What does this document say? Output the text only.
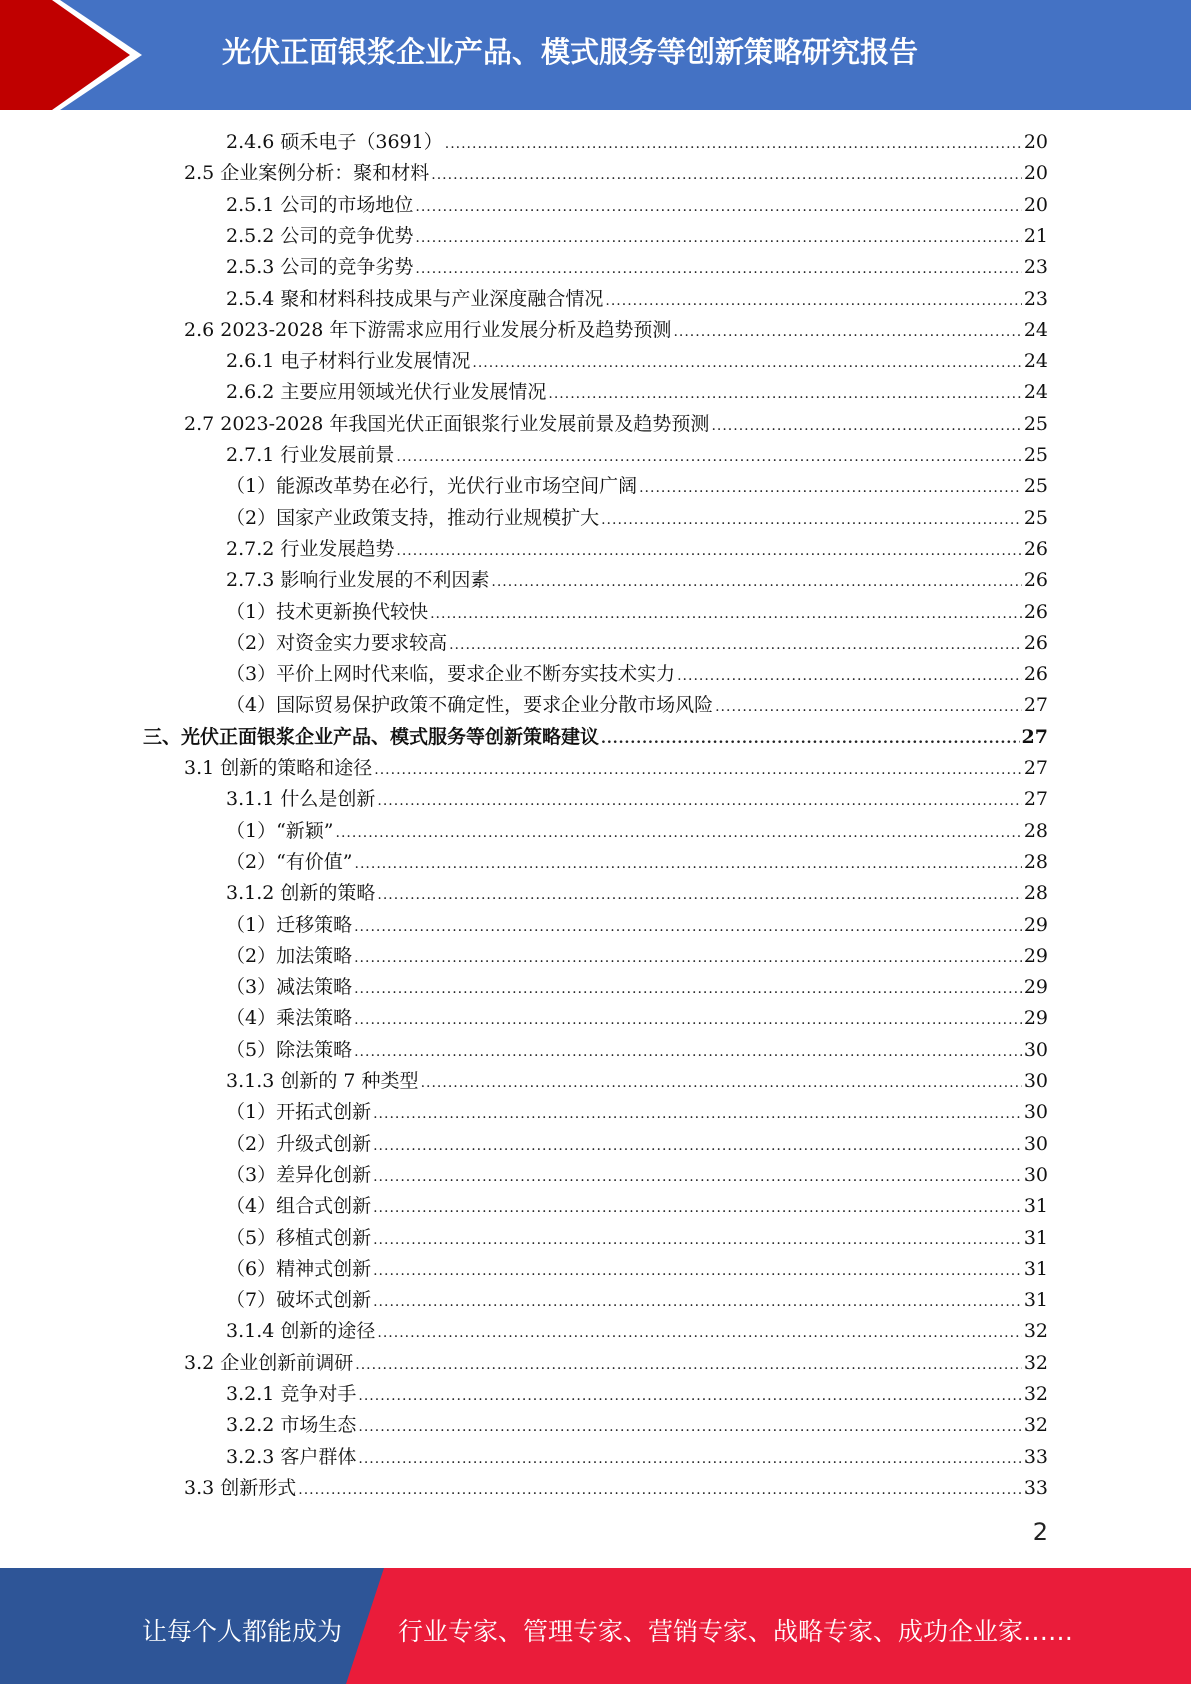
光伏正面银浆企业产品、模式服务等创新策略研究报告
2.4.6 硕禾电子（3691） .....	20
2.5 企业案例分析：聚和材料 .....	20
2.5.1 公司的市场地位 .....	20
2.5.2 公司的竞争优势 .....	21
2.5.3 公司的竞争劣势 .....	23
2.5.4 聚和材料科技成果与产业深度融合情况 .....	23
2.6 2023-2028 年下游需求应用行业发展分析及趋势预测 .....	24
2.6.1 电子材料行业发展情况 .....	24
2.6.2 主要应用领域光伏行业发展情况 .....	24
2.7 2023-2028 年我国光伏正面银浆行业发展前景及趋势预测 .....	25
2.7.1 行业发展前景 .....	25
（1）能源改革势在必行，光伏行业市场空间广阔 .....	25
（2）国家产业政策支持，推动行业规模扩大 .....	25
2.7.2 行业发展趋势 .....	26
2.7.3 影响行业发展的不利因素 .....	26
（1）技术更新换代较快 .....	26
（2）对资金实力要求较高 .....	26
（3）平价上网时代来临，要求企业不断夯实技术实力 .....	26
（4）国际贸易保护政策不确定性，要求企业分散市场风险 .....	27
三、光伏正面银浆企业产品、模式服务等创新策略建议 .....	27
3.1 创新的策略和途径 .....	27
3.1.1 什么是创新 .....	27
（1）“新颖” .....	28
（2）“有价值” .....	28
3.1.2 创新的策略 .....	28
（1）迁移策略 .....	29
（2）加法策略 .....	29
（3）减法策略 .....	29
（4）乘法策略 .....	29
（5）除法策略 .....	30
3.1.3 创新的 7 种类型 .....	30
（1）开拓式创新 .....	30
（2）升级式创新 .....	30
（3）差异化创新 .....	30
（4）组合式创新 .....	31
（5）移植式创新 .....	31
（6）精神式创新 .....	31
（7）破坏式创新 .....	31
3.1.4 创新的途径 .....	32
3.2 企业创新前调研 .....	32
3.2.1 竞争对手 .....	32
3.2.2 市场生态 .....	32
3.2.3 客户群体 .....	33
3.3 创新形式 .....	33
2
让每个人都能成为 行业专家、管理专家、营销专家、战略专家、成功企业家……
